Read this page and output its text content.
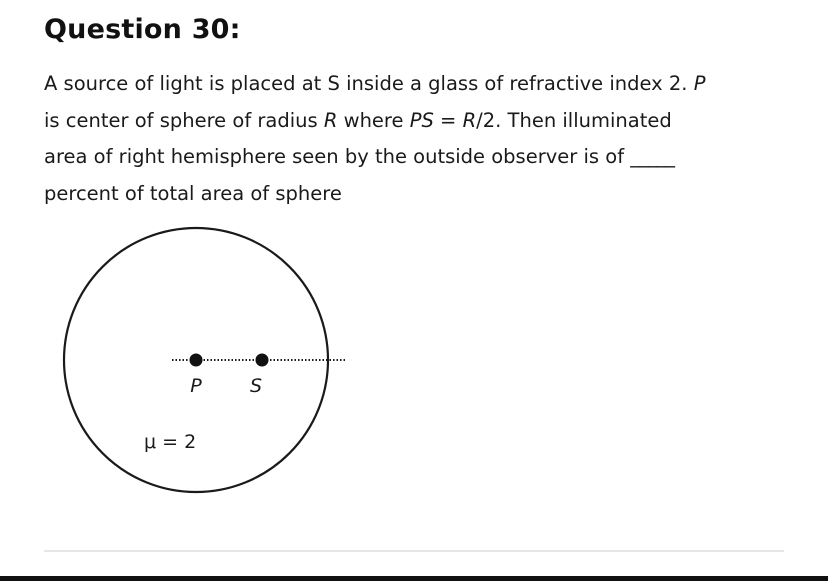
Question 30:
A source of light is placed at S inside a glass of refractive index 2. P
is center of sphere of radius R where PS = R/2. Then illuminated
area of right hemisphere seen by the outside observer is of _____
percent of total area of sphere
P	S
μ = 2
